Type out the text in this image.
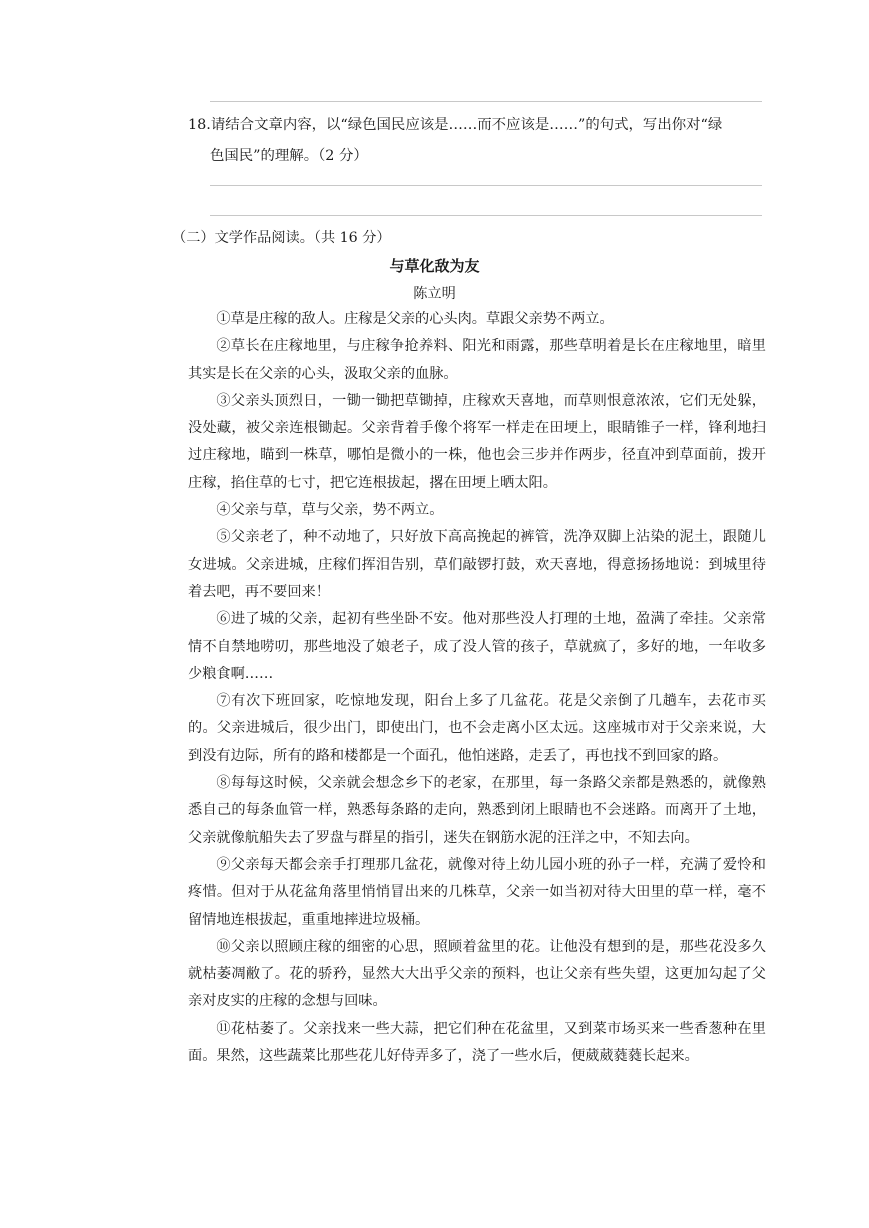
18.请结合文章内容，以“绿色国民应该是……而不应该是……”的句式，写出你对“绿
色国民”的理解。（2 分）
（二）文学作品阅读。（共 16 分）
与草化敌为友
陈立明

①草是庄稼的敌人。庄稼是父亲的心头肉。草跟父亲势不两立。

②草长在庄稼地里，与庄稼争抢养料、阳光和雨露，那些草明着是长在庄稼地里，暗里其实是长在父亲的心头，汲取父亲的血脉。

③父亲头顶烈日，一锄一锄把草锄掉，庄稼欢天喜地，而草则恨意浓浓，它们无处躲，没处藏，被父亲连根锄起。父亲背着手像个将军一样走在田埂上，眼睛锥子一样，锋利地扫过庄稼地，瞄到一株草，哪怕是微小的一株，他也会三步并作两步，径直冲到草面前，拨开庄稼，掐住草的七寸，把它连根拔起，撂在田埂上晒太阳。

④父亲与草，草与父亲，势不两立。

⑤父亲老了，种不动地了，只好放下高高挽起的裤管，洗净双脚上沾染的泥土，跟随儿女进城。父亲进城，庄稼们挥泪告别，草们敲锣打鼓，欢天喜地，得意扬扬地说：到城里待着去吧，再不要回来！

⑥进了城的父亲，起初有些坐卧不安。他对那些没人打理的土地，盈满了牵挂。父亲常情不自禁地唠叨，那些地没了娘老子，成了没人管的孩子，草就疯了，多好的地，一年收多少粮食啊……

⑦有次下班回家，吃惊地发现，阳台上多了几盆花。花是父亲倒了几趟车，去花市买的。父亲进城后，很少出门，即使出门，也不会走离小区太远。这座城市对于父亲来说，大到没有边际，所有的路和楼都是一个面孔，他怕迷路，走丢了，再也找不到回家的路。

⑧每每这时候，父亲就会想念乡下的老家，在那里，每一条路父亲都是熟悉的，就像熟悉自己的每条血管一样，熟悉每条路的走向，熟悉到闭上眼睛也不会迷路。而离开了土地，父亲就像航船失去了罗盘与群星的指引，迷失在钢筋水泥的汪洋之中，不知去向。

⑨父亲每天都会亲手打理那几盆花，就像对待上幼儿园小班的孙子一样，充满了爱怜和疼惜。但对于从花盆角落里悄悄冒出来的几株草，父亲一如当初对待大田里的草一样，毫不留情地连根拔起，重重地摔进垃圾桶。

⑩父亲以照顾庄稼的细密的心思，照顾着盆里的花。让他没有想到的是，那些花没多久就枯萎凋敝了。花的骄矜，显然大大出乎父亲的预料，也让父亲有些失望，这更加勾起了父亲对皮实的庄稼的念想与回味。

⑪花枯萎了。父亲找来一些大蒜，把它们种在花盆里，又到菜市场买来一些香葱种在里面。果然，这些蔬菜比那些花儿好侍弄多了，浇了一些水后，便葳葳蕤蕤长起来。
